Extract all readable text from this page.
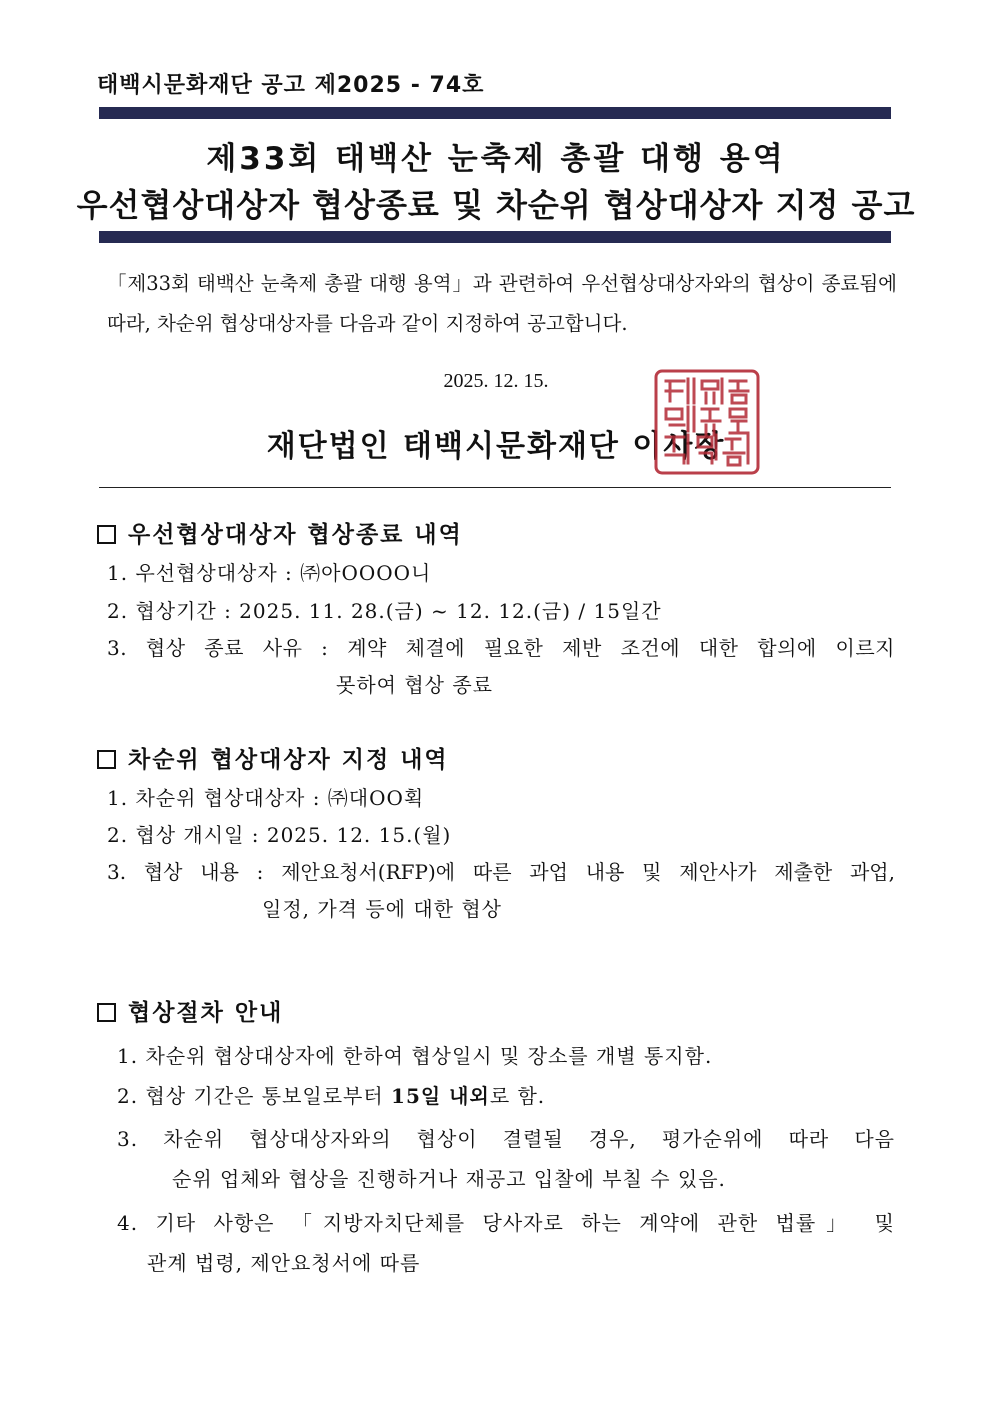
태백시문화재단 공고 제2025 - 74호
제33회 태백산 눈축제 총괄 대행 용역
우선협상대상자 협상종료 및 차순위 협상대상자 지정 공고
「제33회 태백산 눈축제 총괄 대행 용역」과 관련하여 우선협상대상자와의 협상이 종료됨에 따라, 차순위 협상대상자를 다음과 같이 지정하여 공고합니다.
2025. 12. 15.
재단법인 태백시문화재단 이사장
우선협상대상자 협상종료 내역
1. 우선협상대상자 : ㈜아OOOO니
2. 협상기간 : 2025. 11. 28.(금) ~ 12. 12.(금) / 15일간
3. 협상 종료 사유 : 계약 체결에 필요한 제반 조건에 대한 합의에 이르지
못하여 협상 종료
차순위 협상대상자 지정 내역
1. 차순위 협상대상자 : ㈜대OO획
2. 협상 개시일 : 2025. 12. 15.(월)
3. 협상 내용 : 제안요청서(RFP)에 따른 과업 내용 및 제안사가 제출한 과업,
일정, 가격 등에 대한 협상
협상절차 안내
1. 차순위 협상대상자에 한하여 협상일시 및 장소를 개별 통지함.
2. 협상 기간은 통보일로부터 15일 내외로 함.
3. 차순위 협상대상자와의 협상이 결렬될 경우, 평가순위에 따라 다음
순위 업체와 협상을 진행하거나 재공고 입찰에 부칠 수 있음.
4. 기타 사항은 「지방자치단체를 당사자로 하는 계약에 관한 법률」 및
관계 법령, 제안요청서에 따름
